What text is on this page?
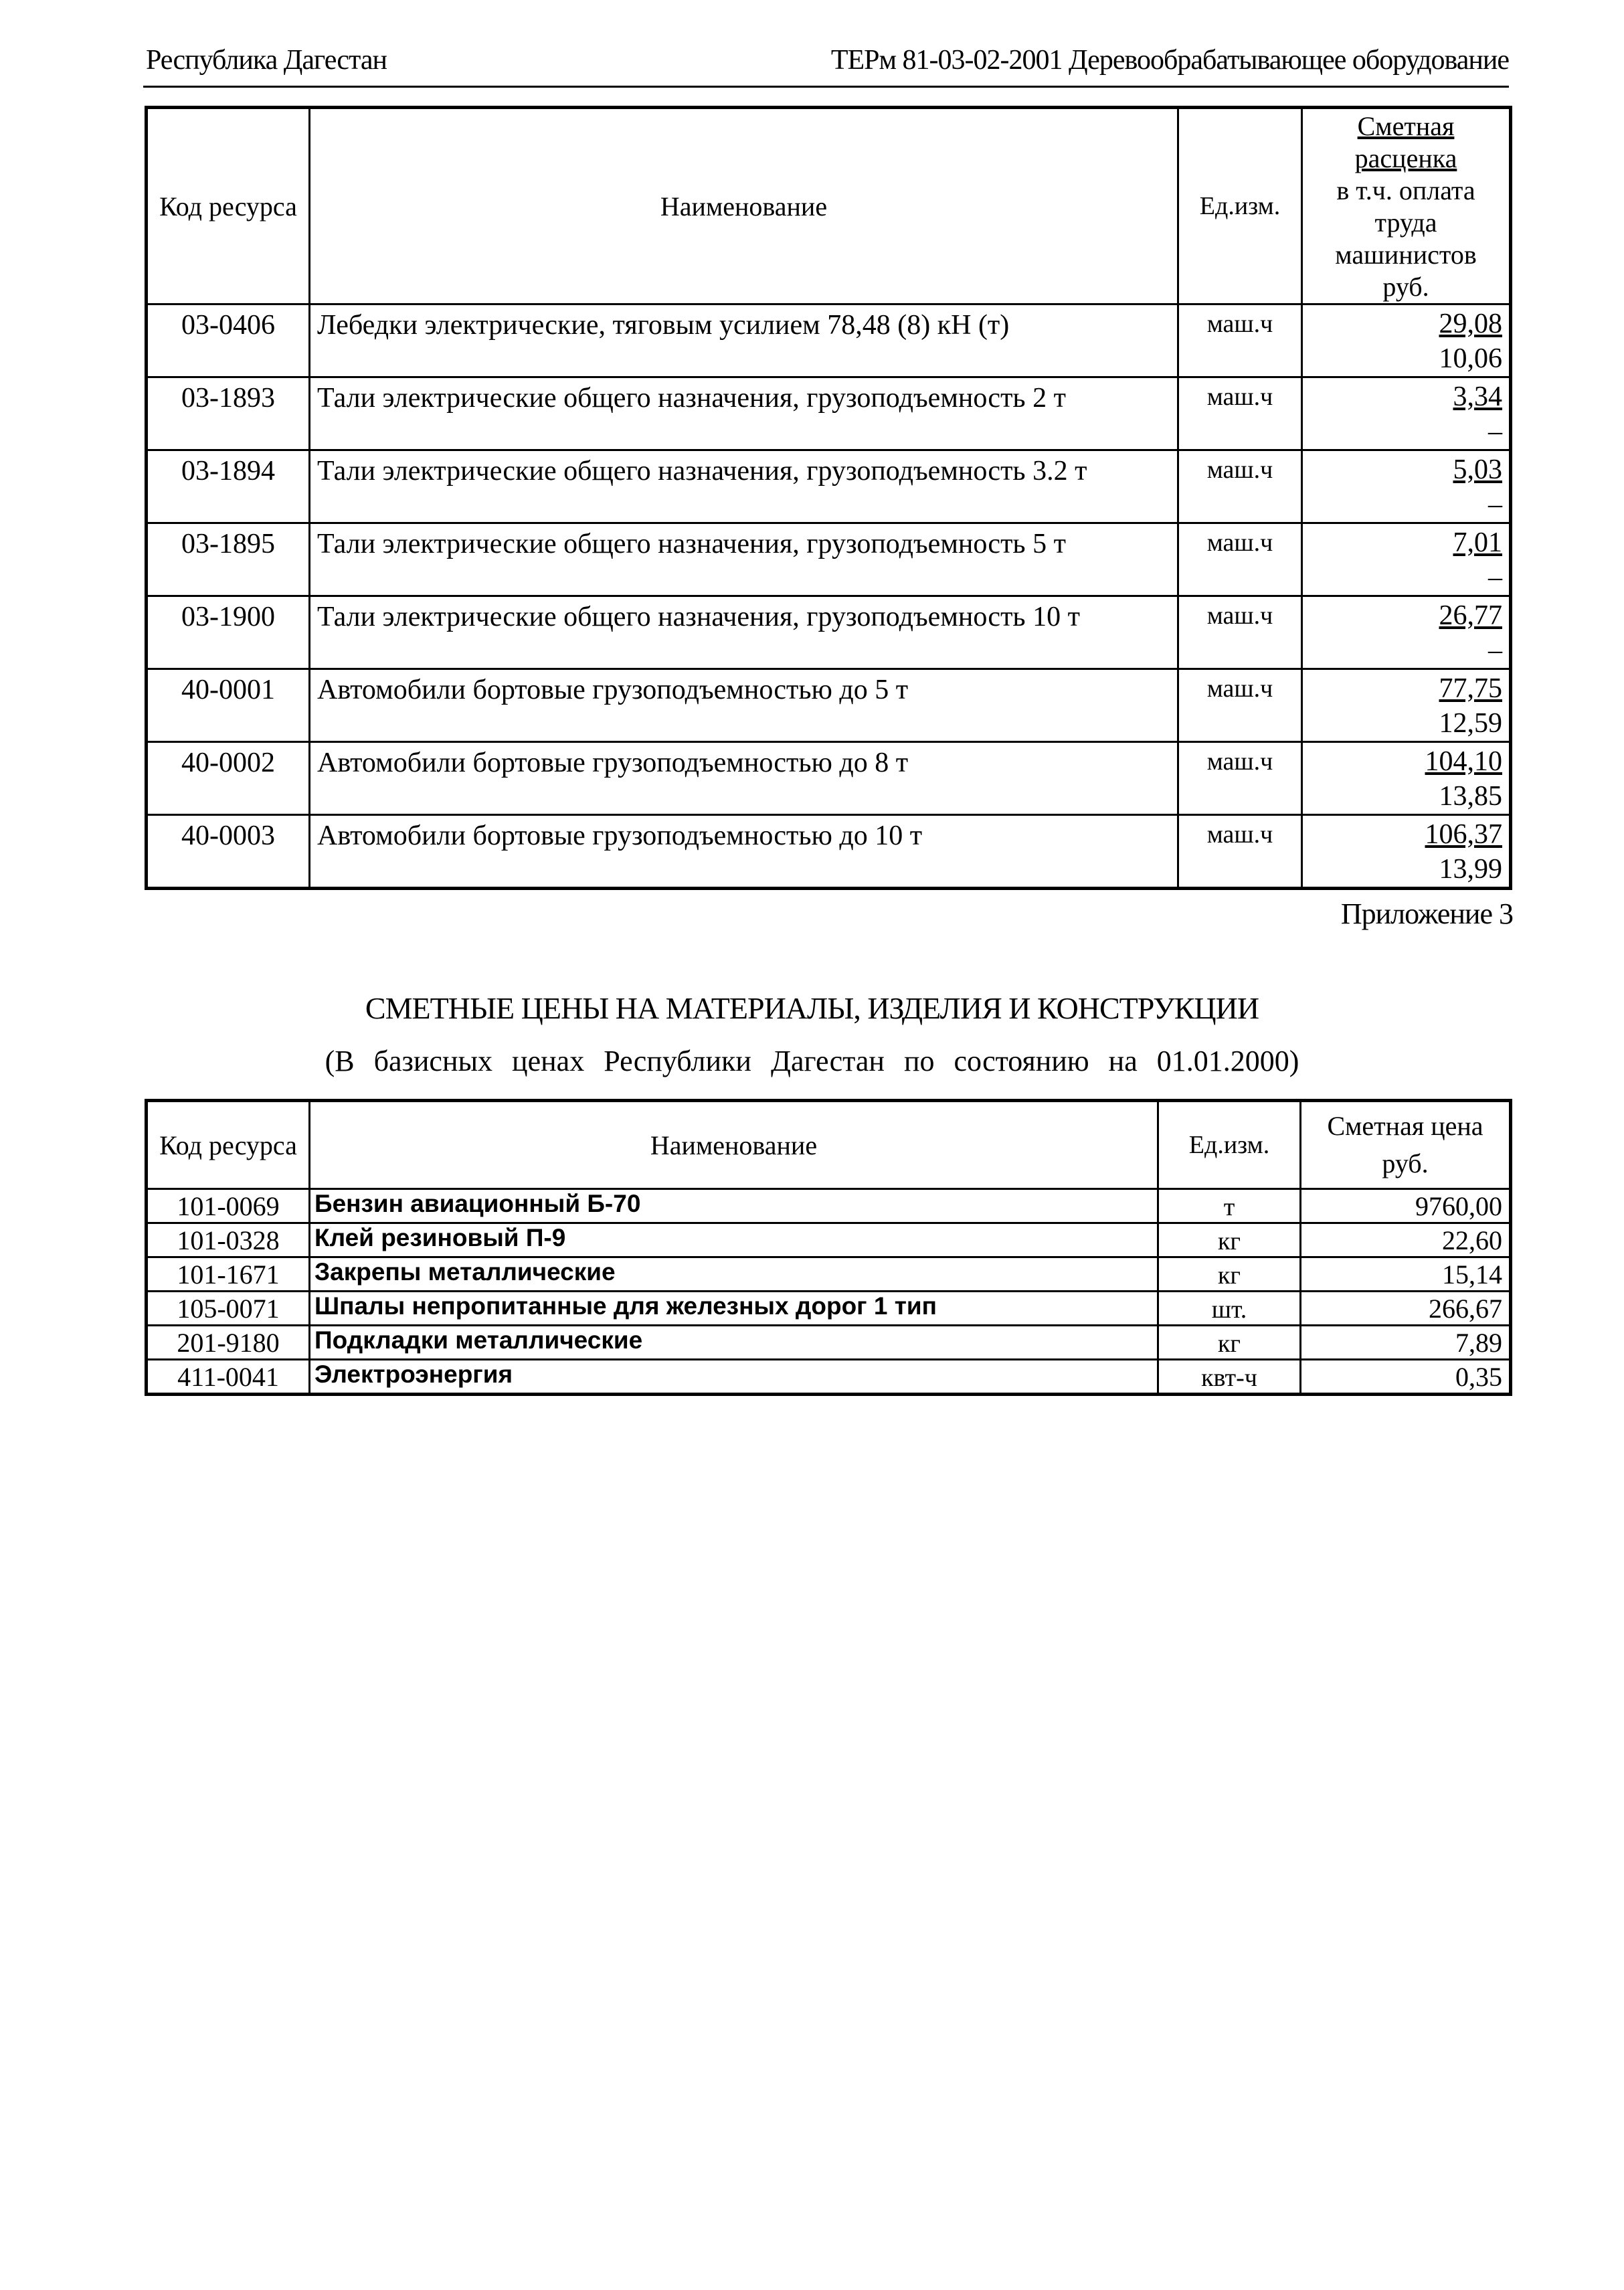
Республика Дагестан	ТЕРм 81-03-02-2001 Деревообрабатывающее оборудование
Код ресурса	Наименование	Ед.изм.	Сметная расценка
в т.ч. оплата
труда машинистов
руб.

03-0406	Лебедки электрические, тяговым усилием 78,48 (8) кН (т)	маш.ч	29,08
10,06

03-1893	Тали электрические общего назначения, грузоподъемность 2 т	маш.ч	3,34
–

03-1894	Тали электрические общего назначения, грузоподъемность 3.2 т	маш.ч	5,03
–

03-1895	Тали электрические общего назначения, грузоподъемность 5 т	маш.ч	7,01
–

03-1900	Тали электрические общего назначения, грузоподъемность 10 т	маш.ч	26,77
–

40-0001	Автомобили бортовые грузоподъемностью до 5 т	маш.ч	77,75
12,59

40-0002	Автомобили бортовые грузоподъемностью до 8 т	маш.ч	104,10
13,85

40-0003	Автомобили бортовые грузоподъемностью до 10 т	маш.ч	106,37
13,99
Приложение 3
СМЕТНЫЕ ЦЕНЫ НА МАТЕРИАЛЫ, ИЗДЕЛИЯ И КОНСТРУКЦИИ
(В базисных ценах Республики Дагестан по состоянию на 01.01.2000)
Код ресурса	Наименование	Ед.изм.	Сметная цена
руб.

101-0069	Бензин авиационный Б-70	т	9760,00
101-0328	Клей резиновый П-9	кг	22,60
101-1671	Закрепы металлические	кг	15,14
105-0071	Шпалы непропитанные для железных дорог 1 тип	шт.	266,67
201-9180	Подкладки металлические	кг	7,89
411-0041	Электроэнергия	квт-ч	0,35
